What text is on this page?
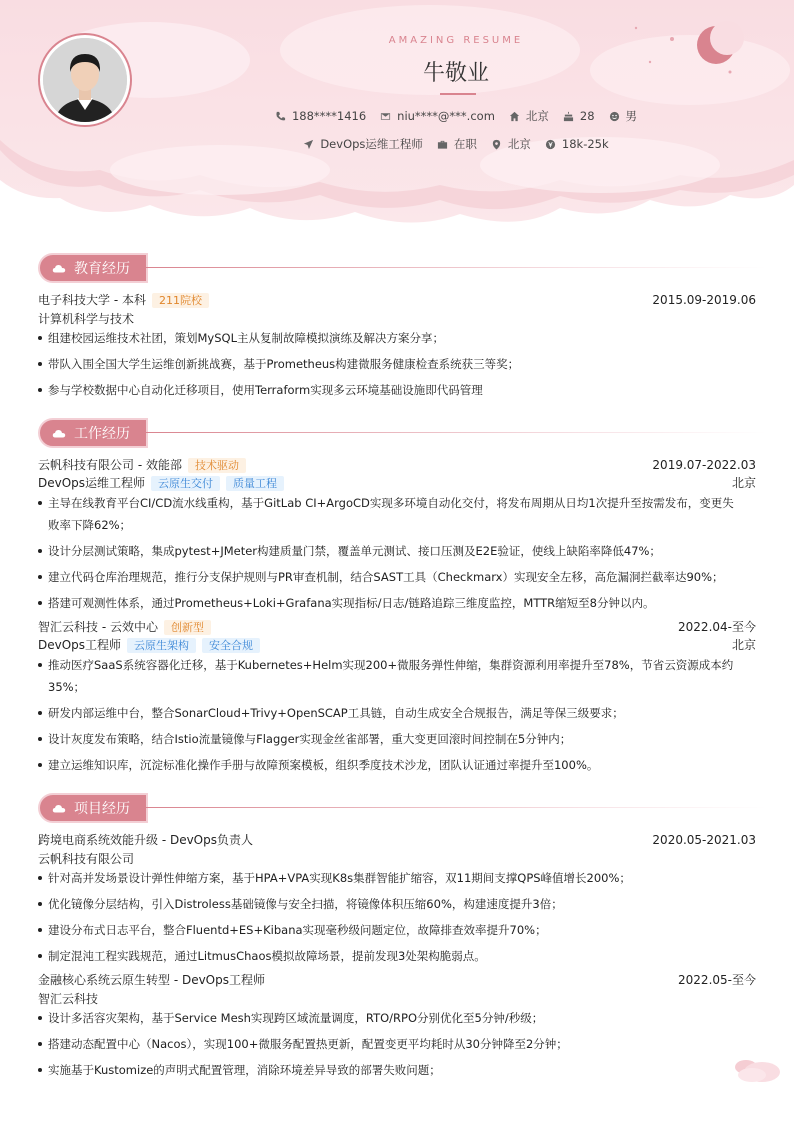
AMAZING RESUME
牛敬业
188****1416	niu****@***.com	北京	28	男
DevOps运维工程师	在职	北京	18k-25k
教育经历
电子科技大学 - 本科	211院校	2015.09-2019.06
计算机科学与技术
组建校园运维技术社团，策划MySQL主从复制故障模拟演练及解决方案分享；
带队入围全国大学生运维创新挑战赛，基于Prometheus构建微服务健康检查系统获三等奖；
参与学校数据中心自动化迁移项目，使用Terraform实现多云环境基础设施即代码管理
工作经历
云帆科技有限公司 - 效能部	技术驱动	2019.07-2022.03
DevOps运维工程师	云原生交付	质量工程	北京
主导在线教育平台CI/CD流水线重构，基于GitLab CI+ArgoCD实现多环境自动化交付，将发布周期从日均1次提升至按需发布，变更失
败率下降62%；
设计分层测试策略，集成pytest+JMeter构建质量门禁，覆盖单元测试、接口压测及E2E验证，使线上缺陷率降低47%；
建立代码仓库治理规范，推行分支保护规则与PR审查机制，结合SAST工具（Checkmarx）实现安全左移，高危漏洞拦截率达90%；
搭建可观测性体系，通过Prometheus+Loki+Grafana实现指标/日志/链路追踪三维度监控，MTTR缩短至8分钟以内。
智汇云科技 - 云效中心	创新型	2022.04-至今
DevOps工程师	云原生架构	安全合规	北京
推动医疗SaaS系统容器化迁移，基于Kubernetes+Helm实现200+微服务弹性伸缩，集群资源利用率提升至78%，节省云资源成本约
35%；
研发内部运维中台，整合SonarCloud+Trivy+OpenSCAP工具链，自动生成安全合规报告，满足等保三级要求；
设计灰度发布策略，结合Istio流量镜像与Flagger实现金丝雀部署，重大变更回滚时间控制在5分钟内；
建立运维知识库，沉淀标准化操作手册与故障预案模板，组织季度技术沙龙，团队认证通过率提升至100%。
项目经历
跨境电商系统效能升级 - DevOps负责人	2020.05-2021.03
云帆科技有限公司
针对高并发场景设计弹性伸缩方案，基于HPA+VPA实现K8s集群智能扩缩容，双11期间支撑QPS峰值增长200%；
优化镜像分层结构，引入Distroless基础镜像与安全扫描，将镜像体积压缩60%，构建速度提升3倍；
建设分布式日志平台，整合Fluentd+ES+Kibana实现毫秒级问题定位，故障排查效率提升70%；
制定混沌工程实践规范，通过LitmusChaos模拟故障场景，提前发现3处架构脆弱点。
金融核心系统云原生转型 - DevOps工程师	2022.05-至今
智汇云科技
设计多活容灾架构，基于Service Mesh实现跨区域流量调度，RTO/RPO分别优化至5分钟/秒级；
搭建动态配置中心（Nacos），实现100+微服务配置热更新，配置变更平均耗时从30分钟降至2分钟；
实施基于Kustomize的声明式配置管理，消除环境差异导致的部署失败问题；
